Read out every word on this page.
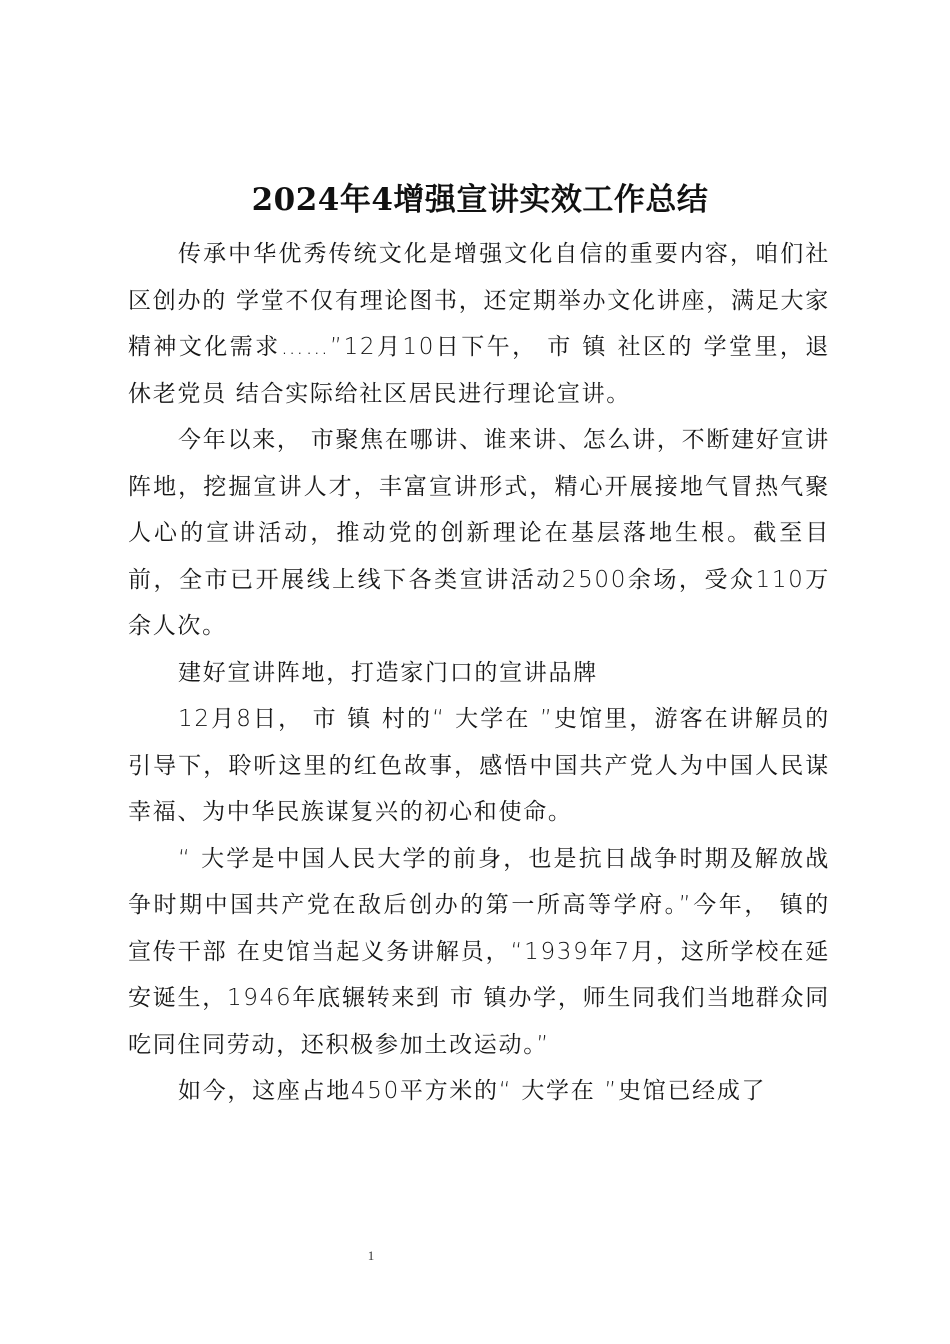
2024年4增强宣讲实效工作总结

传承中华优秀传统文化是增强文化自信的重要内容，咱们社区创办的 学堂不仅有理论图书，还定期举办文化讲座，满足大家精神文化需求……”12月10日下午， 市 镇 社区的 学堂里，退休老党员 结合实际给社区居民进行理论宣讲。

今年以来， 市聚焦在哪讲、谁来讲、怎么讲，不断建好宣讲阵地，挖掘宣讲人才，丰富宣讲形式，精心开展接地气冒热气聚人心的宣讲活动，推动党的创新理论在基层落地生根。截至目前，全市已开展线上线下各类宣讲活动2500余场，受众110万余人次。

建好宣讲阵地，打造家门口的宣讲品牌

12月8日， 市 镇 村的“ 大学在 ”史馆里，游客在讲解员的引导下，聆听这里的红色故事，感悟中国共产党人为中国人民谋幸福、为中华民族谋复兴的初心和使命。

“ 大学是中国人民大学的前身，也是抗日战争时期及解放战争时期中国共产党在敌后创办的第一所高等学府。”今年， 镇的宣传干部 在史馆当起义务讲解员，“1939年7月，这所学校在延安诞生，1946年底辗转来到 市 镇办学，师生同我们当地群众同吃同住同劳动，还积极参加土改运动。”

如今，这座占地450平方米的“ 大学在 ”史馆已经成了

1
